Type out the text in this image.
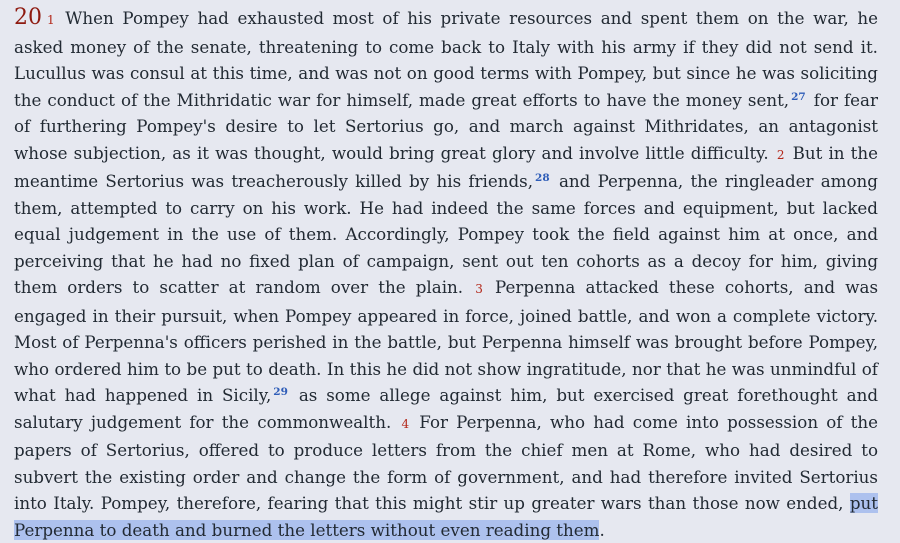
20 1 When Pompey had exhausted most of his private resources and spent them on the war, he asked money of the senate, threatening to come back to Italy with his army if they did not send it. Lucullus was consul at this time, and was not on good terms with Pompey, but since he was soliciting the conduct of the Mithridatic war for himself, made great efforts to have the money sent, $^{27}$ for fear of furthering Pompey's desire to let Sertorius go, and march against Mithridates, an antagonist whose subjection, as it was thought, would bring great glory and involve little difficulty. 2 But in the meantime Sertorius was treacherously killed by his friends, $^{28}$ and Perpenna, the ringleader among them, attempted to carry on his work. He had indeed the same forces and equipment, but lacked equal judgement in the use of them. Accordingly, Pompey took the field against him at once, and perceiving that he had no fixed plan of campaign, sent out ten cohorts as a decoy for him, giving them orders to scatter at random over the plain. 3 Perpenna attacked these cohorts, and was engaged in their pursuit, when Pompey appeared in force, joined battle, and won a complete victory. Most of Perpenna's officers perished in the battle, but Perpenna himself was brought before Pompey, who ordered him to be put to death. In this he did not show ingratitude, nor that he was unmindful of what had happened in Sicily, $^{29}$ as some allege against him, but exercised great forethought and salutary judgement for the commonwealth. 4 For Perpenna, who had come into possession of the papers of Sertorius, offered to produce letters from the chief men at Rome, who had desired to subvert the existing order and change the form of government, and had therefore invited Sertorius into Italy. Pompey, therefore, fearing that this might stir up greater wars than those now ended, put Perpenna to death and burned the letters without even reading them.
